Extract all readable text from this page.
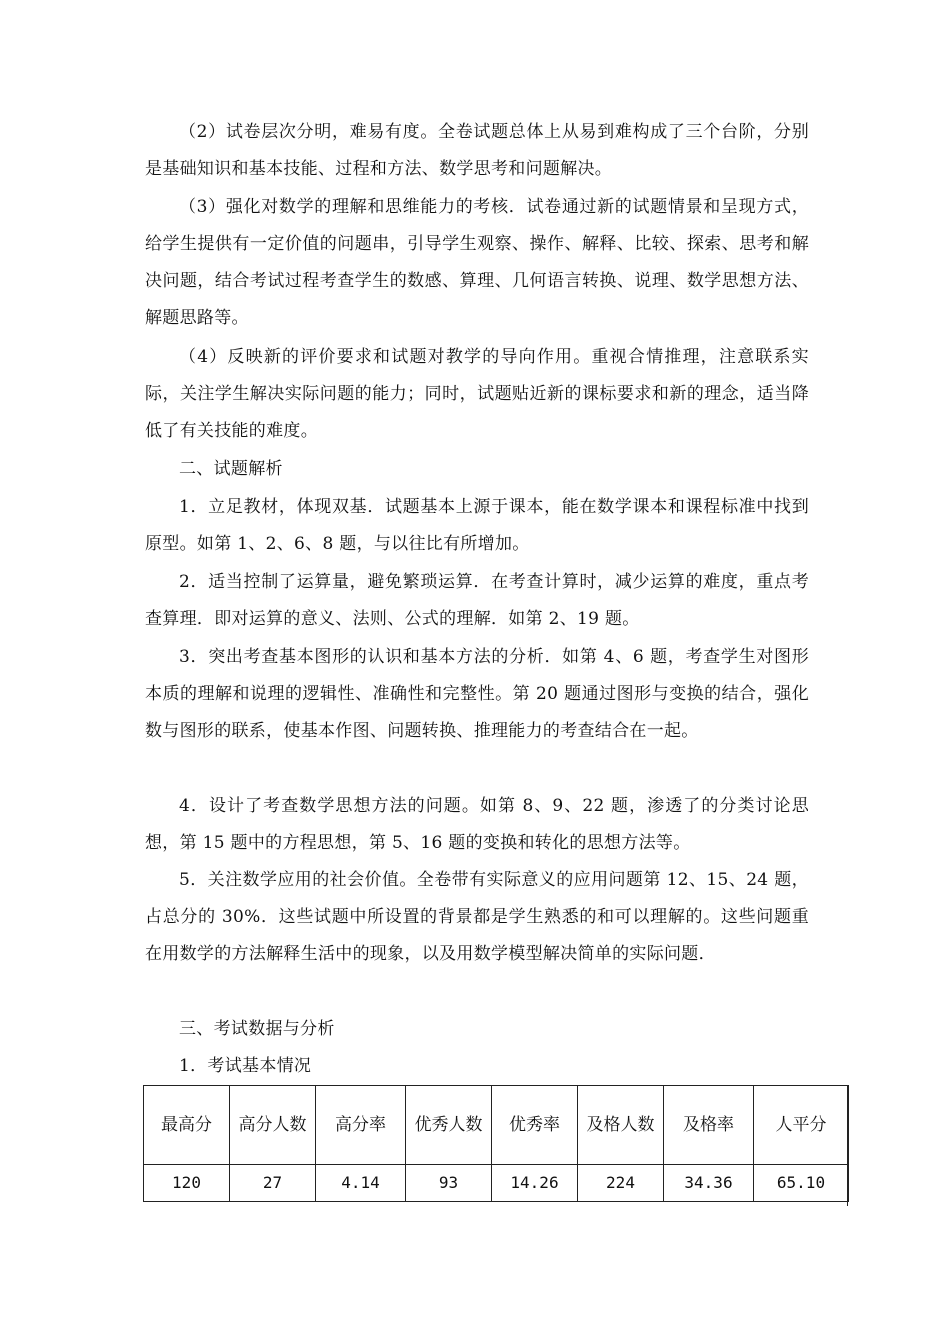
（2）试卷层次分明，难易有度。全卷试题总体上从易到难构成了三个台阶，分别是基础知识和基本技能、过程和方法、数学思考和问题解决。

（3）强化对数学的理解和思维能力的考核．试卷通过新的试题情景和呈现方式，给学生提供有一定价值的问题串，引导学生观察、操作、解释、比较、探索、思考和解决问题，结合考试过程考查学生的数感、算理、几何语言转换、说理、数学思想方法、解题思路等。

（4）反映新的评价要求和试题对教学的导向作用。重视合情推理，注意联系实际，关注学生解决实际问题的能力；同时，试题贴近新的课标要求和新的理念，适当降低了有关技能的难度。

二、试题解析

1．立足教材，体现双基．试题基本上源于课本，能在数学课本和课程标准中找到原型。如第 1、2、6、8 题，与以往比有所增加。

2．适当控制了运算量，避免繁琐运算．在考查计算时，减少运算的难度，重点考查算理．即对运算的意义、法则、公式的理解．如第 2、19 题。

3．突出考查基本图形的认识和基本方法的分析．如第 4、6 题，考查学生对图形本质的理解和说理的逻辑性、准确性和完整性。第 20 题通过图形与变换的结合，强化数与图形的联系，使基本作图、问题转换、推理能力的考查结合在一起。

4．设计了考查数学思想方法的问题。如第 8、9、22 题，渗透了的分类讨论思想，第 15 题中的方程思想，第 5、16 题的变换和转化的思想方法等。

5．关注数学应用的社会价值。全卷带有实际意义的应用问题第 12、15、24 题，占总分的 30%．这些试题中所设置的背景都是学生熟悉的和可以理解的。这些问题重在用数学的方法解释生活中的现象，以及用数学模型解决简单的实际问题．

三、考试数据与分析

1．考试基本情况

最高分	高分人数	高分率	优秀人数	优秀率	及格人数	及格率	人平分
120	27	4.14	93	14.26	224	34.36	65.10
